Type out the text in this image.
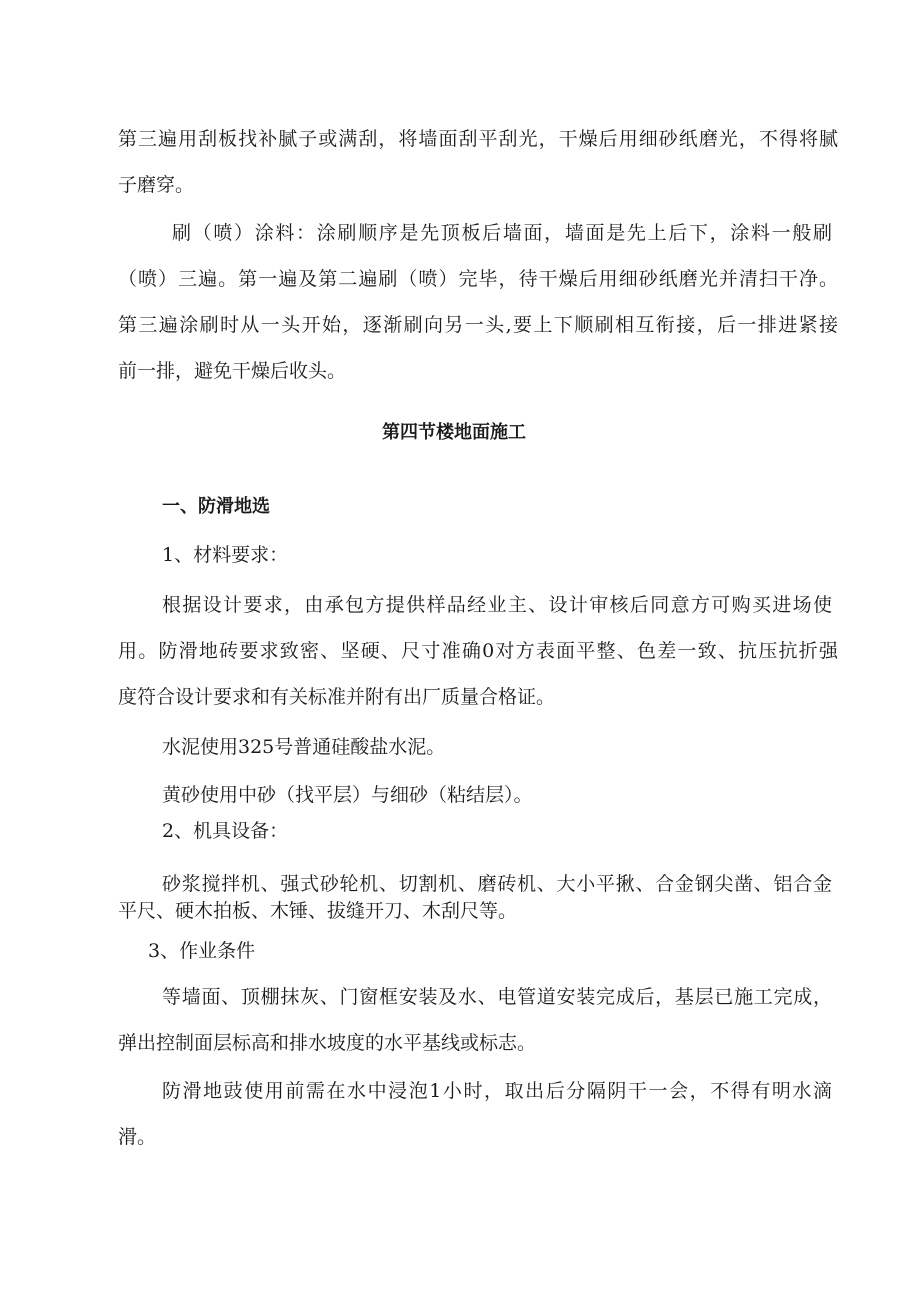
第三遍用刮板找补腻子或满刮，将墙面刮平刮光，干燥后用细砂纸磨光，不得将腻
子磨穿。
刷（喷）涂料：涂刷顺序是先顶板后墙面，墙面是先上后下，涂料一般刷
（喷）三遍。第一遍及第二遍刷（喷）完毕，待干燥后用细砂纸磨光并清扫干净。
第三遍涂刷时从一头开始，逐渐刷向另一头,要上下顺刷相互衔接，后一排进紧接
前一排，避免干燥后收头。
第四节楼地面施工
一、防滑地选
1、材料要求：
根据设计要求，由承包方提供样品经业主、设计审核后同意方可购买进场使
用。防滑地砖要求致密、坚硬、尺寸准确0对方表面平整、色差一致、抗压抗折强
度符合设计要求和有关标准并附有出厂质量合格证。
水泥使用325号普通硅酸盐水泥。
黄砂使用中砂（找平层）与细砂（粘结层）。
2、机具设备：
砂浆搅拌机、强式砂轮机、切割机、磨砖机、大小平揪、合金钢尖凿、铝合金
平尺、硬木拍板、木锤、拔缝开刀、木刮尺等。
3、作业条件
等墙面、顶棚抹灰、门窗框安装及水、电管道安装完成后，基层已施工完成，
弹出控制面层标高和排水坡度的水平基线或标志。
防滑地豉使用前需在水中浸泡1小时，取出后分隔阴干一会，不得有明水滴
滑。
